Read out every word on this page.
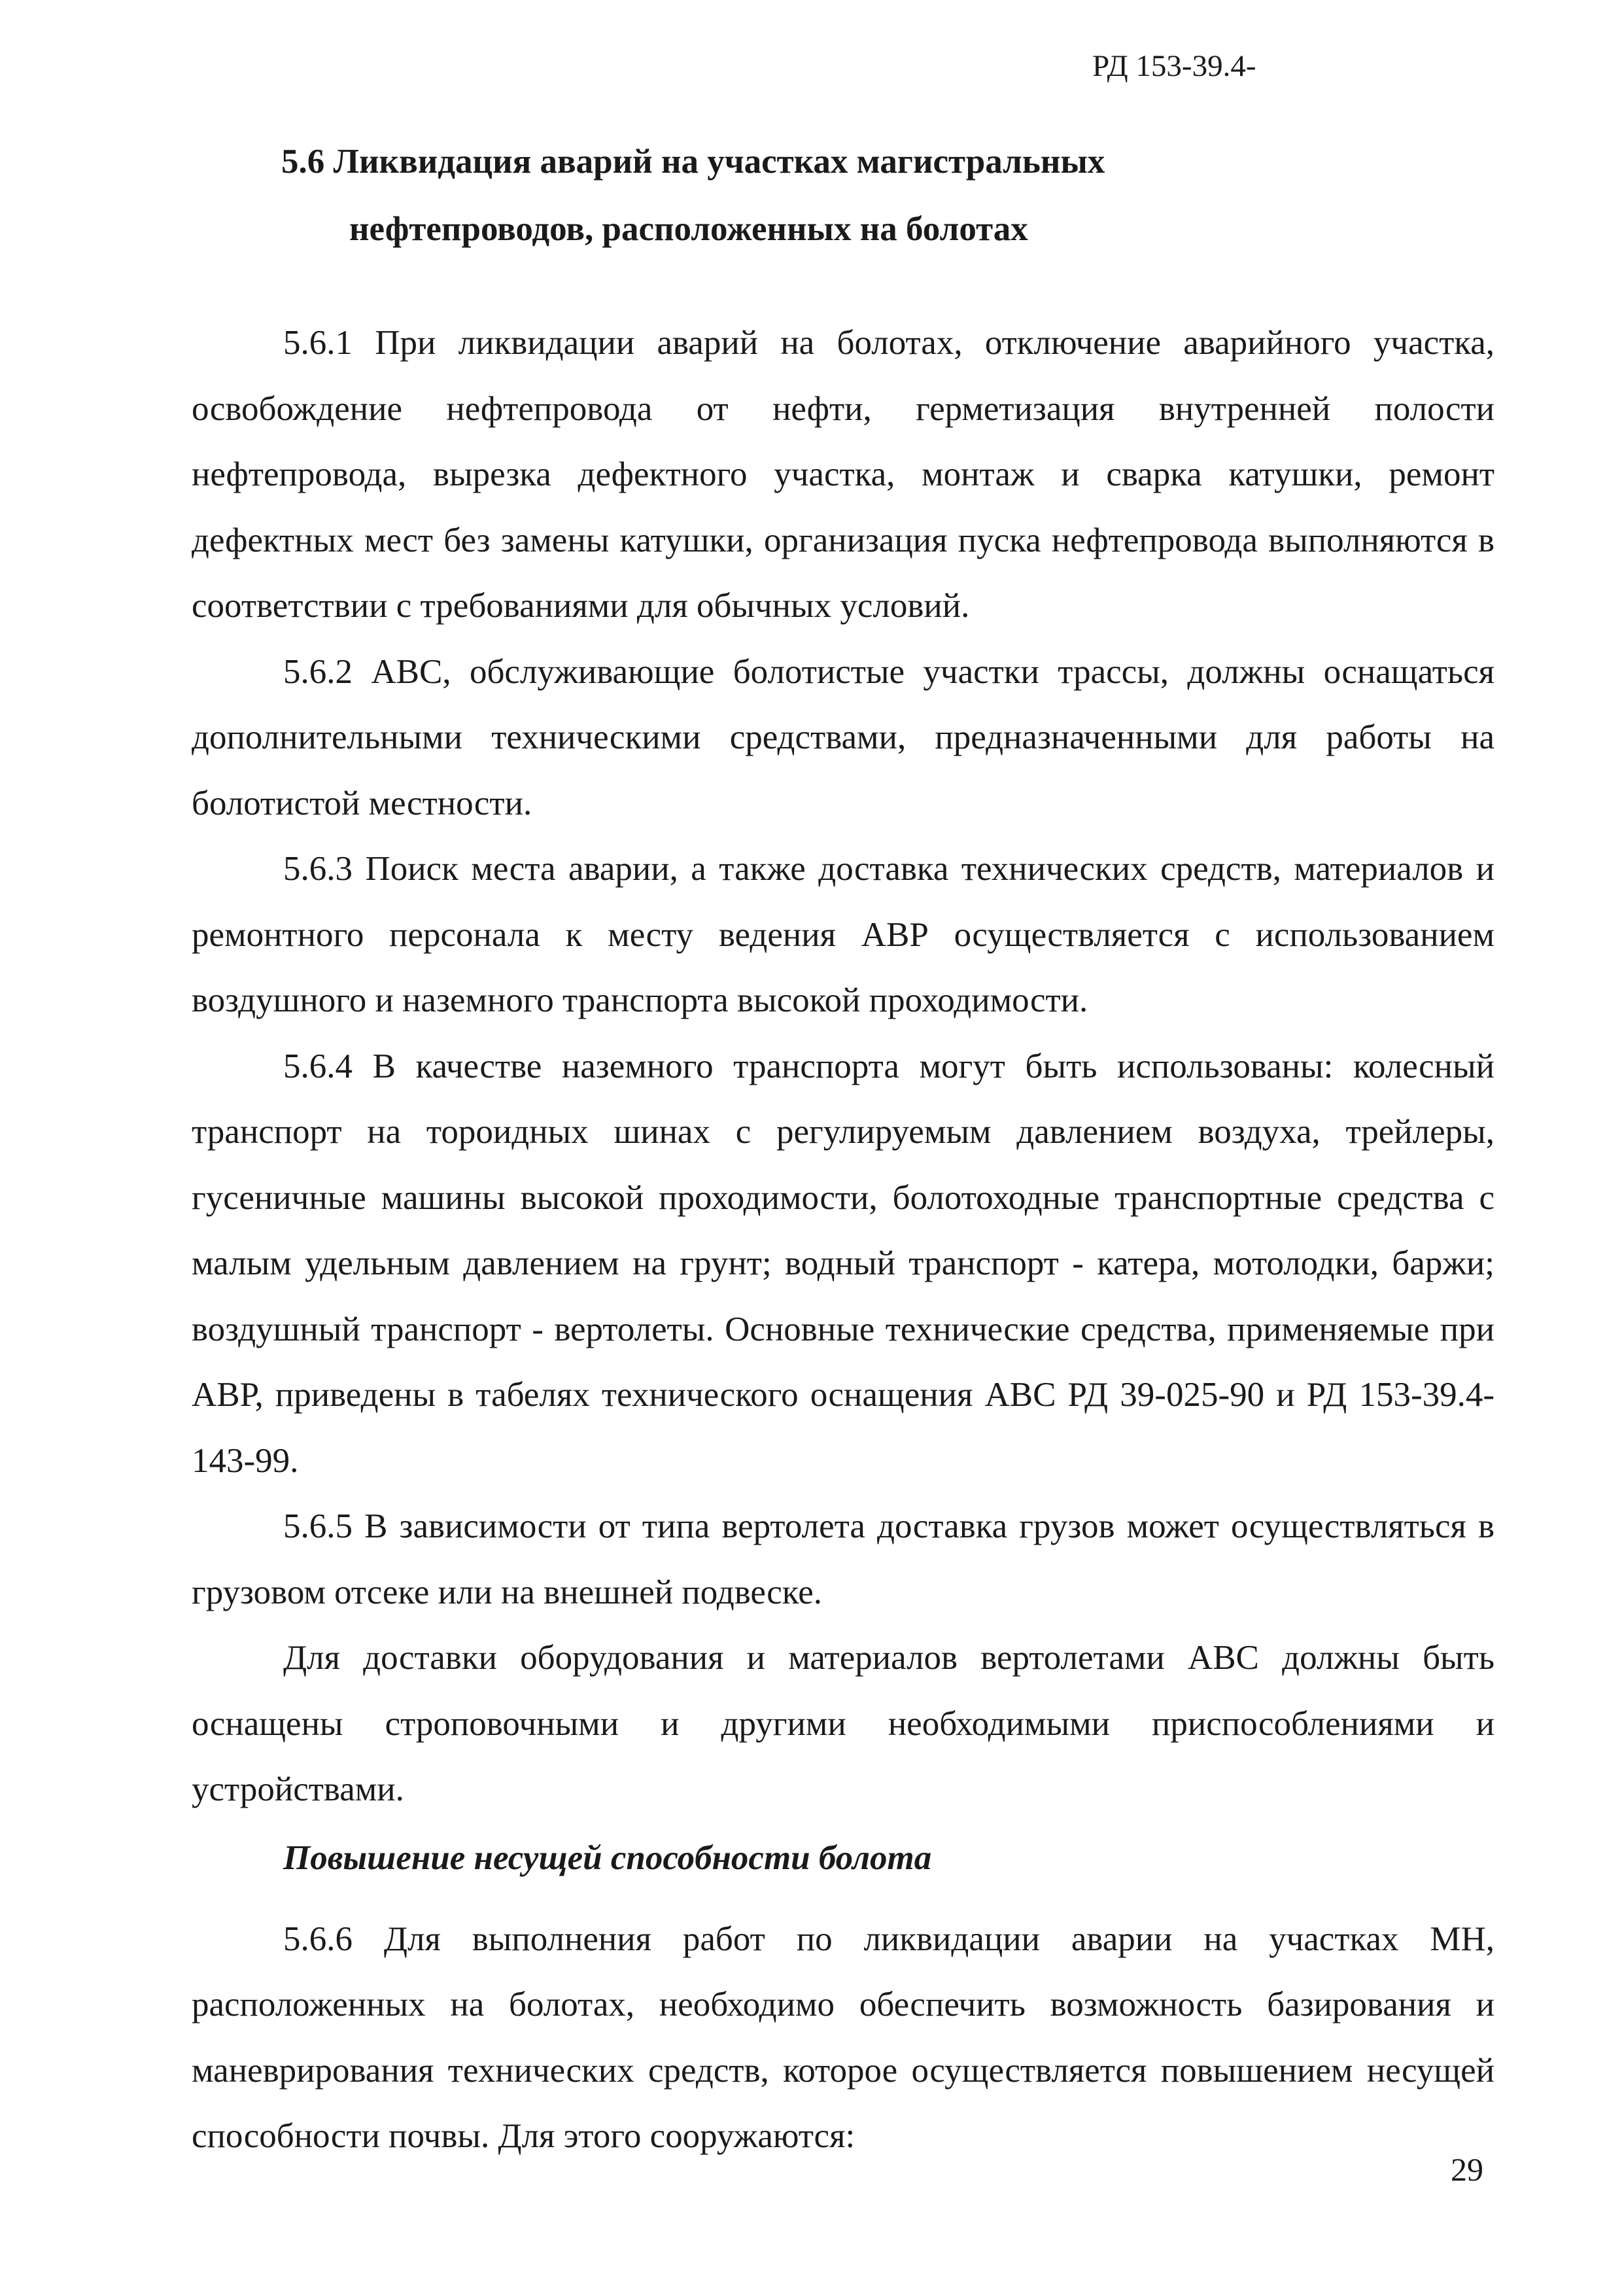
РД 153-39.4-
5.6 Ликвидация аварий на участках магистральных
нефтепроводов, расположенных на болотах

5.6.1 При ликвидации аварий на болотах, отключение аварийного участка, освобождение нефтепровода от нефти, герметизация внутренней полости нефтепровода, вырезка дефектного участка, монтаж и сварка катушки, ремонт дефектных мест без замены катушки, организация пуска нефтепровода выполняются в соответствии с требованиями для обычных условий.

5.6.2 АВС, обслуживающие болотистые участки трассы, должны оснащаться дополнительными техническими средствами, предназначенными для работы на болотистой местности.

5.6.3 Поиск места аварии, а также доставка технических средств, материалов и ремонтного персонала к месту ведения АВР осуществляется с использованием воздушного и наземного транспорта высокой проходимости.

5.6.4 В качестве наземного транспорта могут быть использованы: колесный транспорт на тороидных шинах с регулируемым давлением воздуха, трейлеры, гусеничные машины высокой проходимости, болотоходные транспортные средства с малым удельным давлением на грунт; водный транспорт - катера, мотолодки, баржи; воздушный транспорт - вертолеты. Основные технические средства, применяемые при АВР, приведены в табелях технического оснащения АВС РД 39-025-90 и РД 153-39.4-143-99.

5.6.5 В зависимости от типа вертолета доставка грузов может осуществляться в грузовом отсеке или на внешней подвеске.

Для доставки оборудования и материалов вертолетами АВС должны быть оснащены строповочными и другими необходимыми приспособлениями и устройствами.

Повышение несущей способности болота

5.6.6 Для выполнения работ по ликвидации аварии на участках МН, расположенных на болотах, необходимо обеспечить возможность базирования и маневрирования технических средств, которое осуществляется повышением несущей способности почвы. Для этого сооружаются:

29
